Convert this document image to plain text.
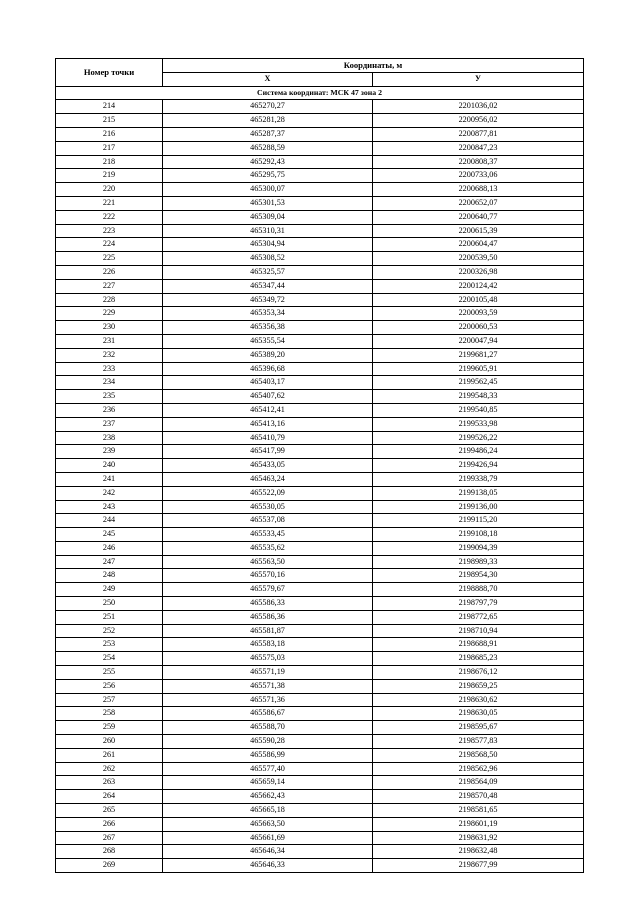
Номер точки	Координаты, м	
	X	У
Система координат: МСК 47 зона 2		
214	465270,27	2201036,02
215	465281,28	2200956,02
216	465287,37	2200877,81
217	465288,59	2200847,23
218	465292,43	2200808,37
219	465295,75	2200733,06
220	465300,07	2200688,13
221	465301,53	2200652,07
222	465309,04	2200640,77
223	465310,31	2200615,39
224	465304,94	2200604,47
225	465308,52	2200539,50
226	465325,57	2200326,98
227	465347,44	2200124,42
228	465349,72	2200105,48
229	465353,34	2200093,59
230	465356,38	2200060,53
231	465355,54	2200047,94
232	465389,20	2199681,27
233	465396,68	2199605,91
234	465403,17	2199562,45
235	465407,62	2199548,33
236	465412,41	2199540,85
237	465413,16	2199533,98
238	465410,79	2199526,22
239	465417,99	2199486,24
240	465433,05	2199426,94
241	465463,24	2199338,79
242	465522,09	2199138,05
243	465530,05	2199136,00
244	465537,08	2199115,20
245	465533,45	2199108,18
246	465535,62	2199094,39
247	465563,50	2198989,33
248	465570,16	2198954,30
249	465579,67	2198888,70
250	465586,33	2198797,79
251	465586,36	2198772,65
252	465581,87	2198710,94
253	465583,18	2198688,91
254	465575,03	2198685,23
255	465571,19	2198676,12
256	465571,38	2198659,25
257	465571,36	2198630,62
258	465586,67	2198630,05
259	465588,70	2198595,67
260	465590,28	2198577,83
261	465586,99	2198568,50
262	465577,40	2198562,96
263	465659,14	2198564,09
264	465662,43	2198570,48
265	465665,18	2198581,65
266	465663,50	2198601,19
267	465661,69	2198631,92
268	465646,34	2198632,48
269	465646,33	2198677,99
